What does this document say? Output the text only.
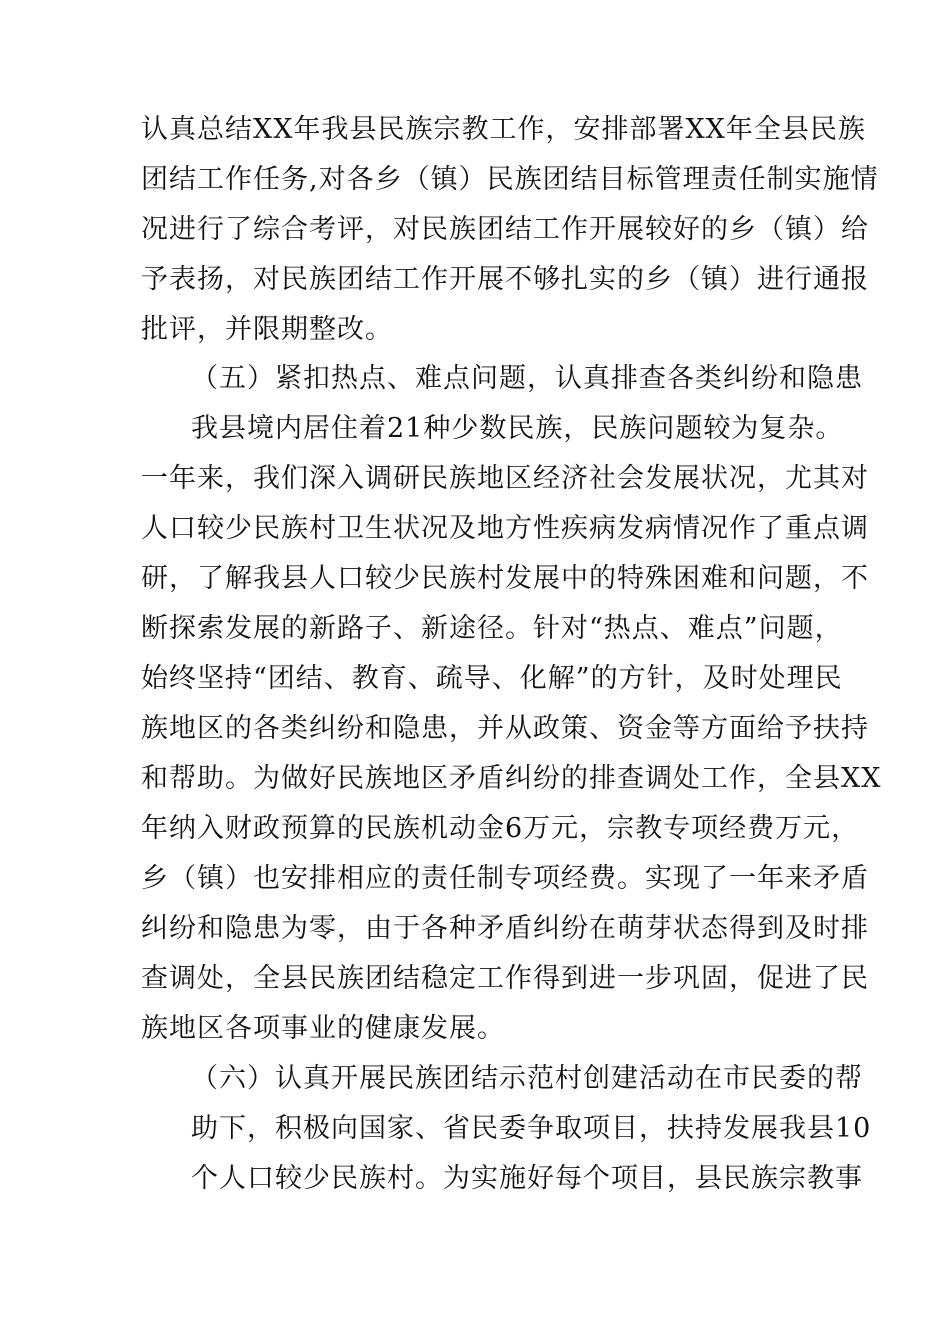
认真总结XX年我县民族宗教工作，安排部署XX年全县民族
团结工作任务,对各乡（镇）民族团结目标管理责任制实施情
况进行了综合考评，对民族团结工作开展较好的乡（镇）给
予表扬，对民族团结工作开展不够扎实的乡（镇）进行通报
批评，并限期整改。
（五）紧扣热点、难点问题，认真排查各类纠纷和隐患
我县境内居住着21种少数民族，民族问题较为复杂。
一年来，我们深入调研民族地区经济社会发展状况，尤其对
人口较少民族村卫生状况及地方性疾病发病情况作了重点调
研，了解我县人口较少民族村发展中的特殊困难和问题，不
断探索发展的新路子、新途径。针对“热点、难点”问题，
始终坚持“团结、教育、疏导、化解”的方针，及时处理民
族地区的各类纠纷和隐患，并从政策、资金等方面给予扶持
和帮助。为做好民族地区矛盾纠纷的排查调处工作，全县XX
年纳入财政预算的民族机动金6万元，宗教专项经费万元，
乡（镇）也安排相应的责任制专项经费。实现了一年来矛盾
纠纷和隐患为零，由于各种矛盾纠纷在萌芽状态得到及时排
查调处，全县民族团结稳定工作得到进一步巩固，促进了民
族地区各项事业的健康发展。
（六）认真开展民族团结示范村创建活动在市民委的帮
助下，积极向国家、省民委争取项目，扶持发展我县10
个人口较少民族村。为实施好每个项目，县民族宗教事
